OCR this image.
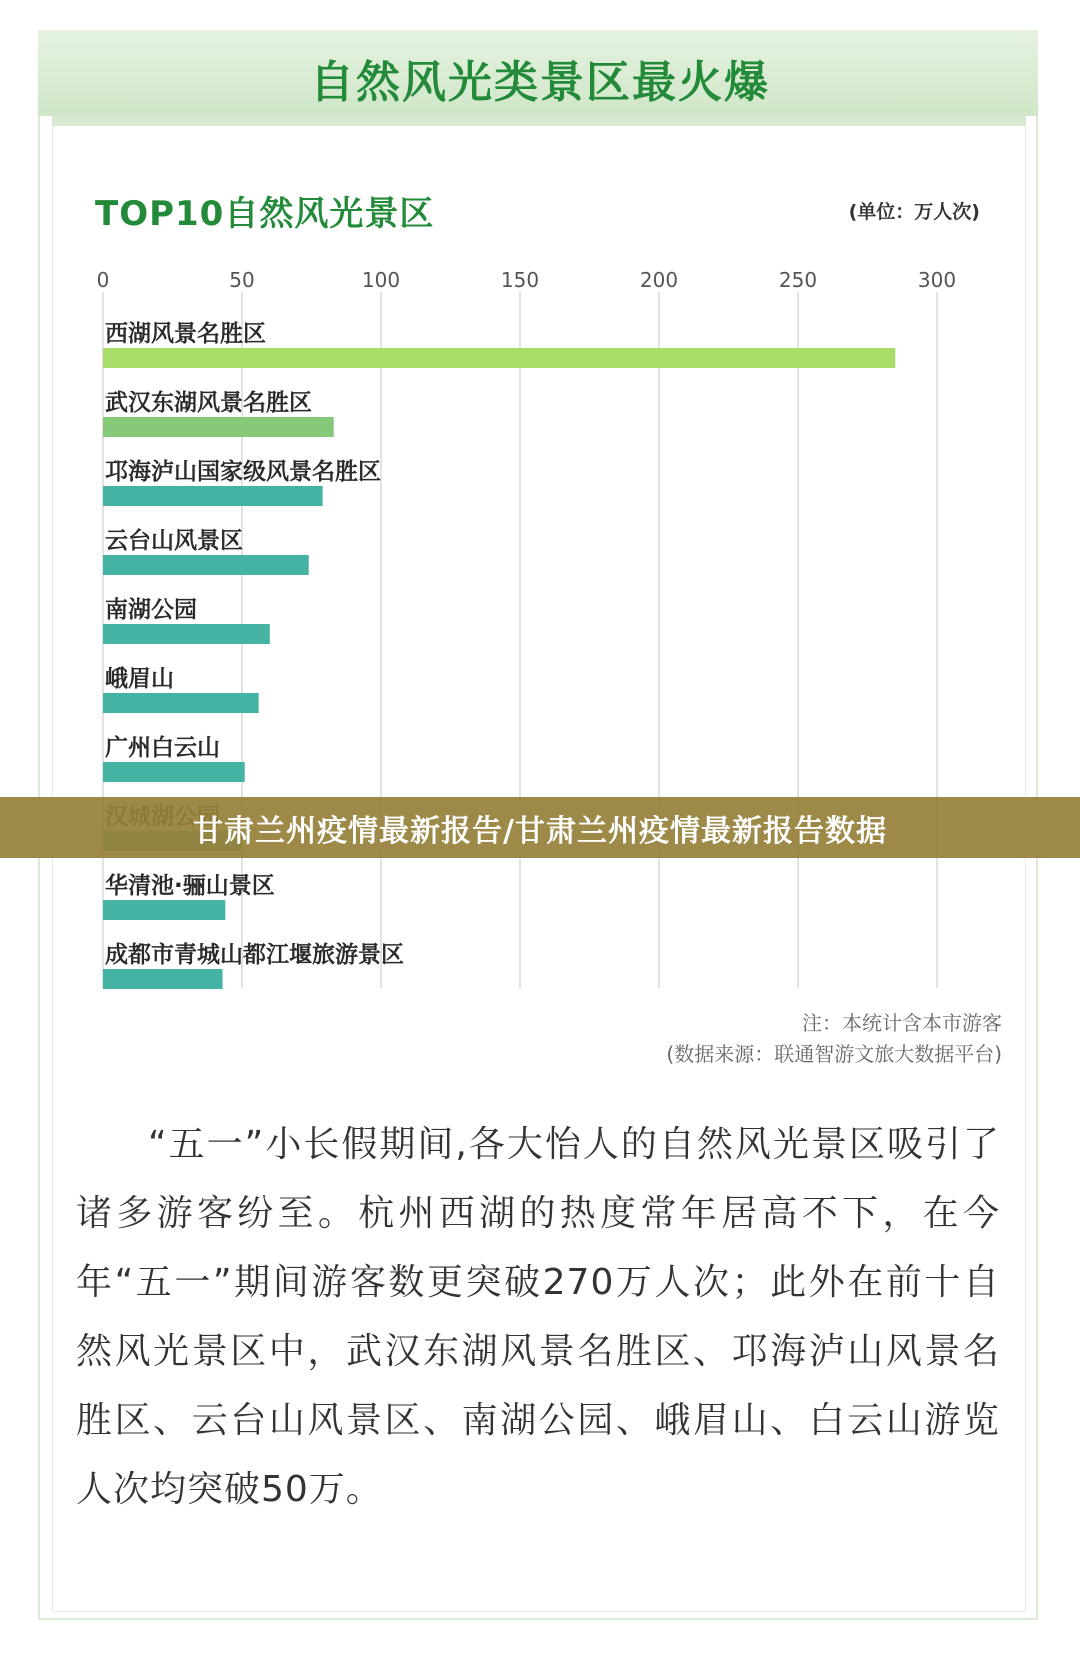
自然风光类景区最火爆
TOP10自然风光景区	(单位：万人次)
0	50	100	150	200	250	300
西湖风景名胜区
武汉东湖风景名胜区
邛海泸山国家级风景名胜区
云台山风景区
南湖公园
峨眉山
广州白云山
华清池·骊山景区
成都市青城山都江堰旅游景区
注：本统计含本市游客
(数据来源：联通智游文旅大数据平台)
“五一”小长假期间,各大怡人的自然风光景区吸引了诸多游客纷至。杭州西湖的热度常年居高不下，在今年“五一”期间游客数更突破270万人次；此外在前十自然风光景区中，武汉东湖风景名胜区、邛海泸山风景名胜区、云台山风景区、南湖公园、峨眉山、白云山游览人次均突破50万。
甘肃兰州疫情最新报告/甘肃兰州疫情最新报告数据
